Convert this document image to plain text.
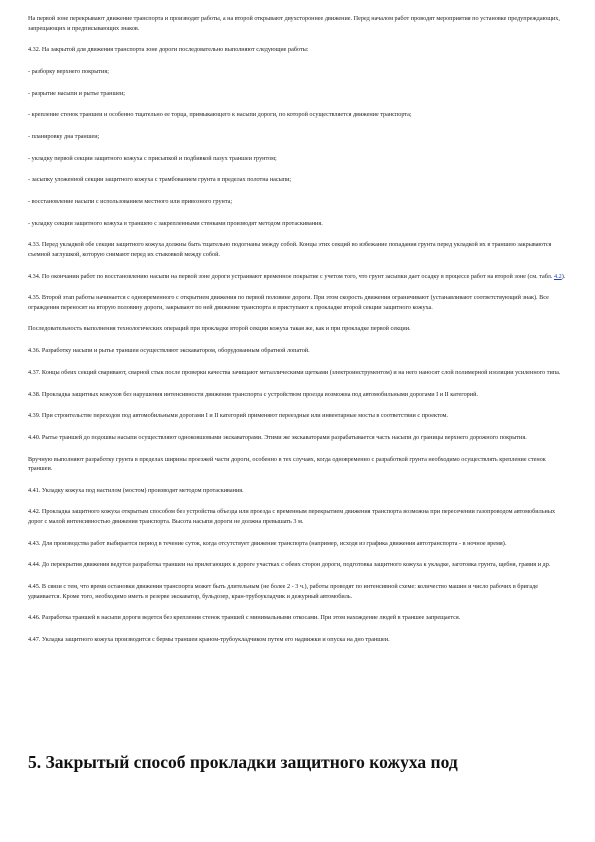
На первой зоне перекрывают движение транспорта и производят работы, а на второй открывают двухстороннее движение. Перед началом работ проводят мероприятия по установке предупреждающих, запрещающих и предписывающих знаков.

4.32. На закрытой для движения транспорта зоне дороги последовательно выполняют следующие работы:

- разборку верхнего покрытия;

- разрытие насыпи и рытье траншеи;

- крепление стенок траншеи и особенно тщательно ее торца, примыкающего к насыпи дороги, по которой осуществляется движение транспорта;

- планировку дна траншеи;

- укладку первой секции защитного кожуха с присыпкой и подбивкой пазух траншеи грунтом;

- засыпку уложенной секции защитного кожуха с трамбованием грунта в пределах полотна насыпи;

- восстановление насыпи с использованием местного или привозного грунта;

- укладку секции защитного кожуха в траншею с закрепленными стенками производят методом протаскивания.

4.33. Перед укладкой обе секции защитного кожуха должны быть тщательно подогнаны между собой. Концы этих секций во избежание попадания грунта перед укладкой их в траншею закрываются съемной заглушкой, которую снимают перед их стыковкой между собой.

4.34. По окончании работ по восстановлению насыпи на первой зоне дороги устраивают временное покрытие с учетом того, что грунт засыпки дает осадку в процессе работ на второй зоне (см. табл. 4.2).

4.35. Второй этап работы начинается с одновременного с открытием движения по первой половине дороги. При этом скорость движения ограничивают (устанавливают соответствующий знак). Все ограждения переносят на вторую половину дороги, закрывают по ней движение транспорта и приступают к прокладке второй секции защитного кожуха.

Последовательность выполнения технологических операций при прокладке второй секции кожуха такая же, как и при прокладке первой секции.

4.36. Разработку насыпи и рытье траншеи осуществляют экскаватором, оборудованным обратной лопатой.

4.37. Концы обеих секций сваривают, сварной стык после проверки качества зачищают металлическими щетками (электроинструментом) и на него наносят слой полимерной изоляции усиленного типа.

4.38. Прокладка защитных кожухов без нарушения интенсивности движения транспорта с устройством проезда возможна под автомобильными дорогами I и II категорий.

4.39. При строительстве переходов под автомобильными дорогами I и II категорий применяют переездные или инвентарные мосты в соответствии с проектом.

4.40. Рытье траншей до подошвы насыпи осуществляют одноковшовыми экскаваторами. Этими же экскаваторами разрабатывается часть насыпи до границы верхнего дорожного покрытия.

Вручную выполняют разработку грунта в пределах ширины проезжей части дороги, особенно в тех случаях, когда одновременно с разработкой грунта необходимо осуществлять крепление стенок траншеи.

4.41. Укладку кожуха под настилом (мостом) производят методом протаскивания.

4.42. Прокладка защитного кожуха открытым способом без устройства объезда или проезда с временным перекрытием движения транспорта возможна при пересечении газопроводом автомобильных дорог с малой интенсивностью движения транспорта. Высота насыпи дороги не должна превышать 3 м.

4.43. Для производства работ выбирается период в течение суток, когда отсутствует движение транспорта (например, исходя из графика движения автотранспорта - в ночное время).

4.44. До перекрытия движения ведутся разработка траншеи на прилегающих к дороге участках с обеих сторон дороги, подготовка защитного кожуха к укладке, заготовка грунта, щебня, гравия и др.

4.45. В связи с тем, что время остановки движения транспорта может быть длительным (не более 2 - 3 ч.), работы проводят по интенсивной схеме: количество машин и число рабочих в бригаде удваивается. Кроме того, необходимо иметь в резерве экскаватор, бульдозер, кран-трубоукладчик и дежурный автомобиль.

4.46. Разработка траншей в насыпи дороги ведется без крепления стенок траншей с минимальными откосами. При этом нахождение людей в траншее запрещается.

4.47. Укладка защитного кожуха производится с бермы траншеи краном-трубоукладчиком путем его надвижки и опуска на дно траншеи.

5. Закрытый способ прокладки защитного кожуха под
